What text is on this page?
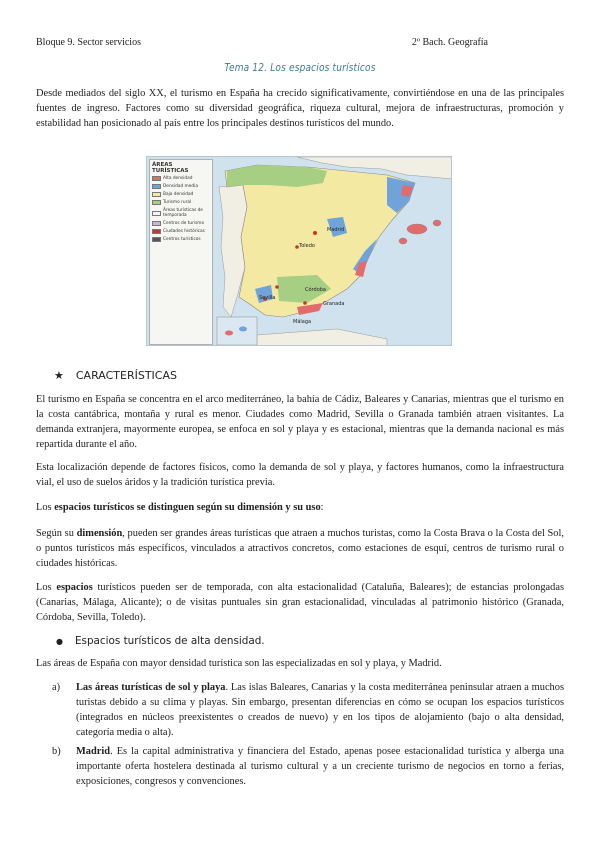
Bloque 9. Sector servicios	2º Bach. Geografía
Tema 12. Los espacios turísticos

Desde mediados del siglo XX, el turismo en España ha crecido significativamente, convirtiéndose en una de las principales fuentes de ingreso. Factores como su diversidad geográfica, riqueza cultural, mejora de infraestructuras, promoción y estabilidad han posicionado al país entre los principales destinos turísticos del mundo.

ÁREAS TURÍSTICAS
Alta densidad
Densidad media
Baja densidad
Turismo rural
Áreas turísticas de temporada
Centros de turismo
Ciudades históricas
Centros turísticos
Madrid
Córdoba
Málaga
Sevilla
Granada
Toledo
★ CARACTERÍSTICAS

El turismo en España se concentra en el arco mediterráneo, la bahía de Cádiz, Baleares y Canarias, mientras que el turismo en la costa cantábrica, montaña y rural es menor. Ciudades como Madrid, Sevilla o Granada también atraen visitantes. La demanda extranjera, mayormente europea, se enfoca en sol y playa y es estacional, mientras que la demanda nacional es más repartida durante el año.

Esta localización depende de factores físicos, como la demanda de sol y playa, y factores humanos, como la infraestructura vial, el uso de suelos áridos y la tradición turística previa.

Los espacios turísticos se distinguen según su dimensión y su uso:

Según su dimensión, pueden ser grandes áreas turísticas que atraen a muchos turistas, como la Costa Brava o la Costa del Sol, o puntos turísticos más específicos, vinculados a atractivos concretos, como estaciones de esquí, centros de turismo rural o ciudades históricas.

Los espacios turísticos pueden ser de temporada, con alta estacionalidad (Cataluña, Baleares); de estancias prolongadas (Canarias, Málaga, Alicante); o de visitas puntuales sin gran estacionalidad, vinculadas al patrimonio histórico (Granada, Córdoba, Sevilla, Toledo).

● Espacios turísticos de alta densidad.

Las áreas de España con mayor densidad turística son las especializadas en sol y playa, y Madrid.

a)	Las áreas turísticas de sol y playa. Las islas Baleares, Canarias y la costa mediterránea peninsular atraen a muchos turistas debido a su clima y playas. Sin embargo, presentan diferencias en cómo se ocupan los espacios turísticos (integrados en núcleos preexistentes o creados de nuevo) y en los tipos de alojamiento (bajo o alta densidad, categoría media o alta).
b)	Madrid. Es la capital administrativa y financiera del Estado, apenas posee estacionalidad turística y alberga una importante oferta hostelera destinada al turismo cultural y a un creciente turismo de negocios en torno a ferias, exposiciones, congresos y convenciones.
